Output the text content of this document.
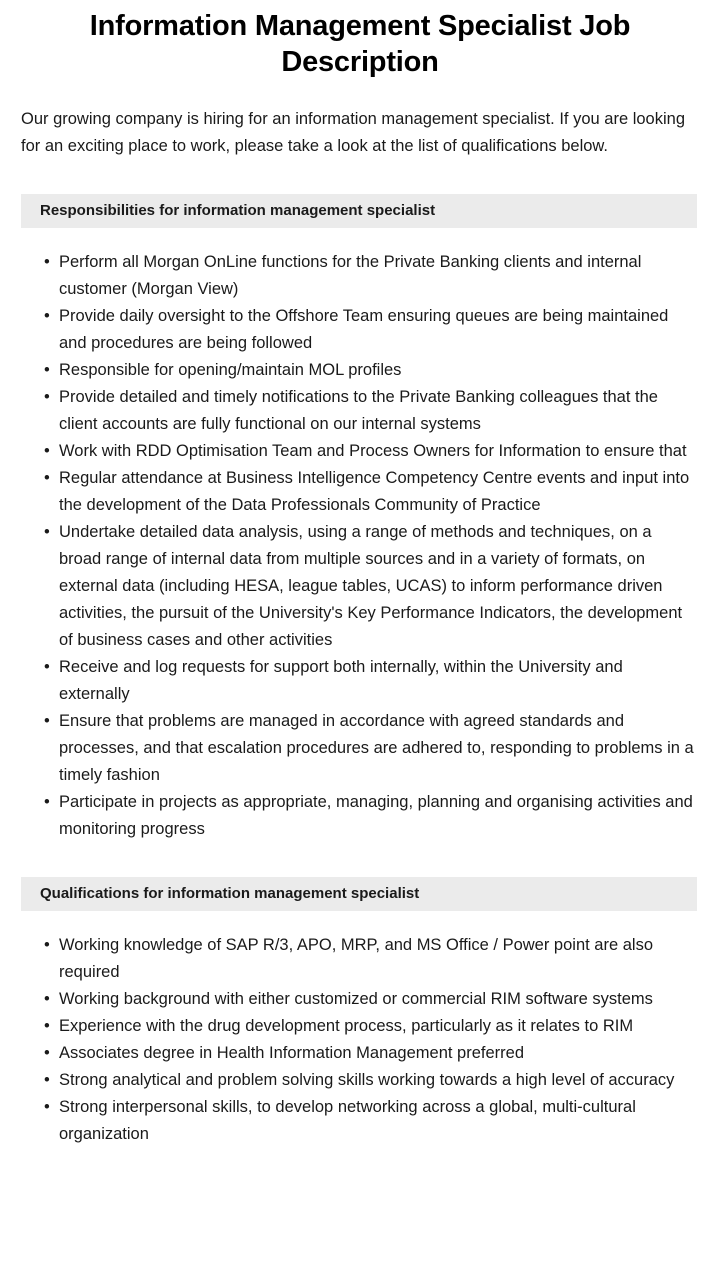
Information Management Specialist Job Description

Our growing company is hiring for an information management specialist. If you are looking for an exciting place to work, please take a look at the list of qualifications below.

Responsibilities for information management specialist
• Perform all Morgan OnLine functions for the Private Banking clients and internal customer (Morgan View)
• Provide daily oversight to the Offshore Team ensuring queues are being maintained and procedures are being followed
• Responsible for opening/maintain MOL profiles
• Provide detailed and timely notifications to the Private Banking colleagues that the client accounts are fully functional on our internal systems
• Work with RDD Optimisation Team and Process Owners for Information to ensure that
• Regular attendance at Business Intelligence Competency Centre events and input into the development of the Data Professionals Community of Practice
• Undertake detailed data analysis, using a range of methods and techniques, on a broad range of internal data from multiple sources and in a variety of formats, on external data (including HESA, league tables, UCAS) to inform performance driven activities, the pursuit of the University's Key Performance Indicators, the development of business cases and other activities
• Receive and log requests for support both internally, within the University and externally
• Ensure that problems are managed in accordance with agreed standards and processes, and that escalation procedures are adhered to, responding to problems in a timely fashion
• Participate in projects as appropriate, managing, planning and organising activities and monitoring progress
Qualifications for information management specialist
• Working knowledge of SAP R/3, APO, MRP, and MS Office / Power point are also required
• Working background with either customized or commercial RIM software systems
• Experience with the drug development process, particularly as it relates to RIM
• Associates degree in Health Information Management preferred
• Strong analytical and problem solving skills working towards a high level of accuracy
• Strong interpersonal skills, to develop networking across a global, multi-cultural organization
